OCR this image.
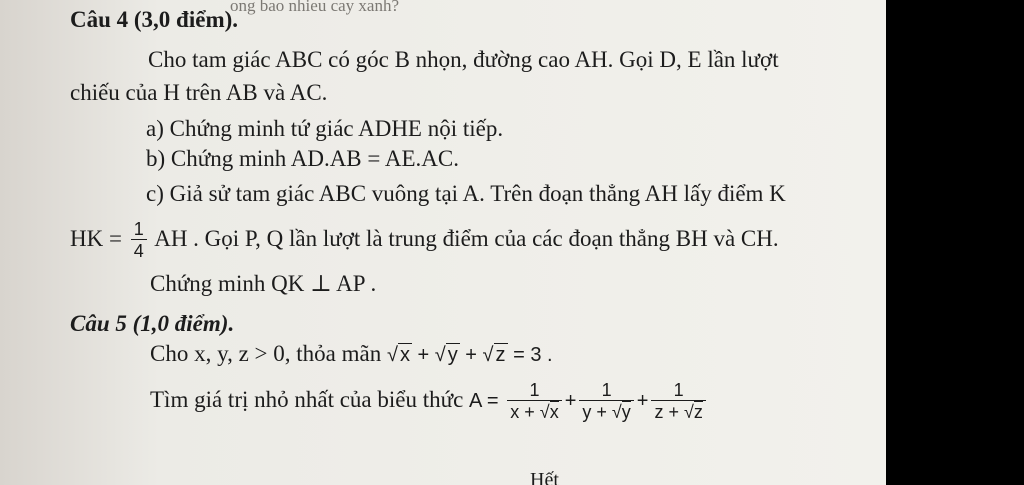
ong bao nhieu cay xanh?
Câu 4 (3,0 điểm).
Cho tam giác ABC có góc B nhọn, đường cao AH. Gọi D, E lần lượt
chiếu của H trên AB và AC.
a) Chứng minh tứ giác ADHE nội tiếp.
b) Chứng minh AD.AB = AE.AC.
c) Giả sử tam giác ABC vuông tại A. Trên đoạn thẳng AH lấy điểm K
HK = $\frac{1}{4}$ AH . Gọi P, Q lần lượt là trung điểm của các đoạn thẳng BH và CH.
Chứng minh QK ⊥ AP .
Câu 5 (1,0 điểm).
Cho x, y, z > 0, thỏa mãn √ x + √ y + √ z = 3 .
Tìm giá trị nhỏ nhất của biểu thức $A = \frac{1}{x + √x} + \frac{1}{y + √y} + \frac{1}{z + √z}$
Hết
